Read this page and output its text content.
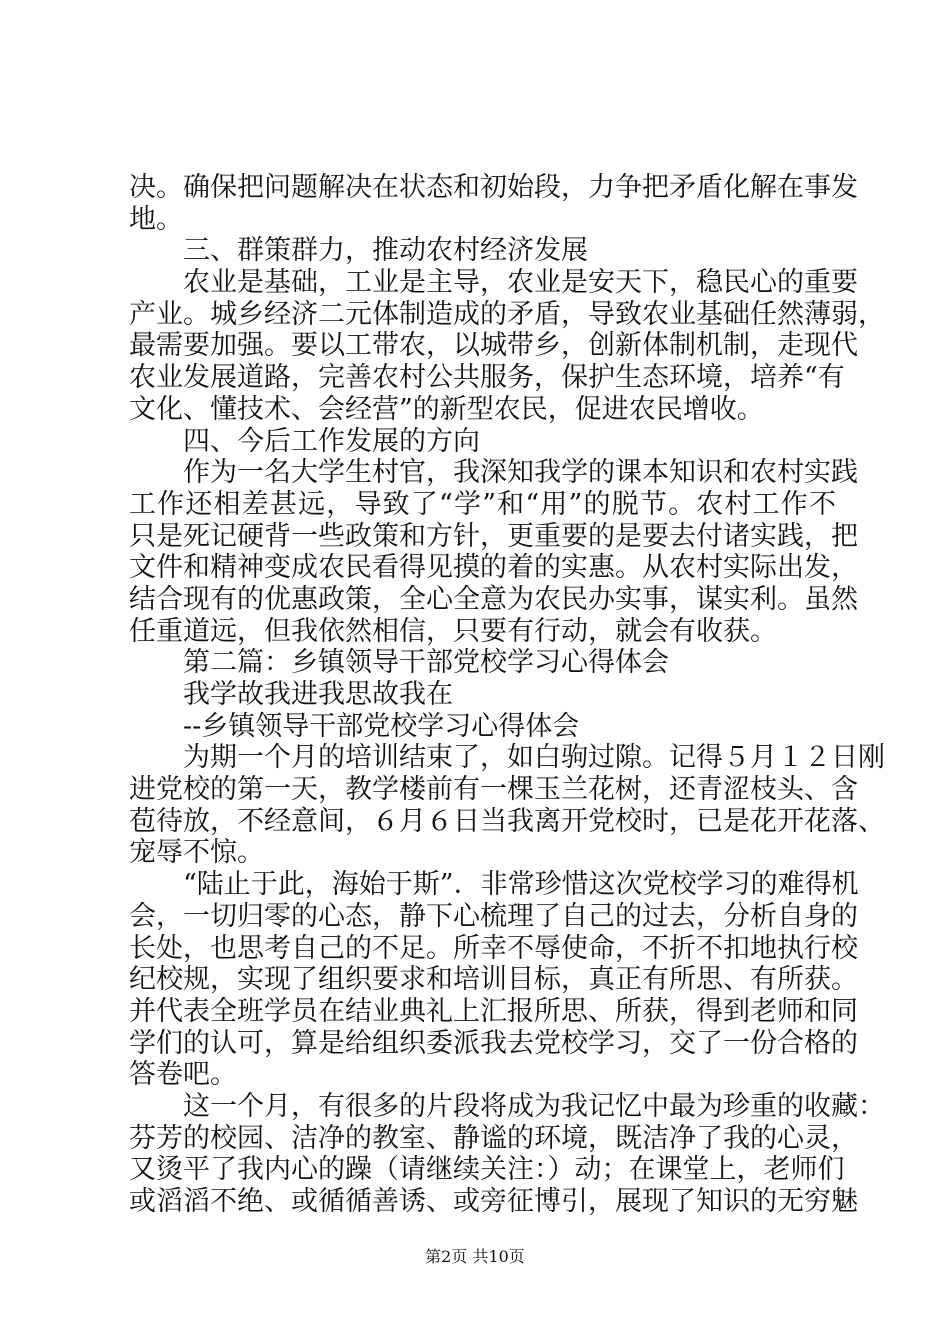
决。确保把问题解决在状态和初始段，力争把矛盾化解在事发
地。
三、群策群力，推动农村经济发展
农业是基础，工业是主导，农业是安天下，稳民心的重要
产业。城乡经济二元体制造成的矛盾，导致农业基础任然薄弱，
最需要加强。要以工带农，以城带乡，创新体制机制，走现代
农业发展道路，完善农村公共服务，保护生态环境，培养“有
文化、懂技术、会经营”的新型农民，促进农民增收。
四、今后工作发展的方向
作为一名大学生村官，我深知我学的课本知识和农村实践
工作还相差甚远，导致了“学”和“用”的脱节。农村工作不
只是死记硬背一些政策和方针，更重要的是要去付诸实践，把
文件和精神变成农民看得见摸的着的实惠。从农村实际出发，
结合现有的优惠政策，全心全意为农民办实事，谋实利。虽然
任重道远，但我依然相信，只要有行动，就会有收获。
第二篇：乡镇领导干部党校学习心得体会
我学故我进我思故我在
--乡镇领导干部党校学习心得体会
为期一个月的培训结束了，如白驹过隙。记得５月１２日刚
进党校的第一天，教学楼前有一棵玉兰花树，还青涩枝头、含
苞待放，不经意间，６月６日当我离开党校时，已是花开花落、
宠辱不惊。
“陆止于此，海始于斯”．非常珍惜这次党校学习的难得机
会，一切归零的心态，静下心梳理了自己的过去，分析自身的
长处，也思考自己的不足。所幸不辱使命，不折不扣地执行校
纪校规，实现了组织要求和培训目标，真正有所思、有所获。
并代表全班学员在结业典礼上汇报所思、所获，得到老师和同
学们的认可，算是给组织委派我去党校学习，交了一份合格的
答卷吧。
这一个月，有很多的片段将成为我记忆中最为珍重的收藏：
芬芳的校园、洁净的教室、静谧的环境，既洁净了我的心灵，
又烫平了我内心的躁（请继续关注：）动；在课堂上，老师们
或滔滔不绝、或循循善诱、或旁征博引，展现了知识的无穷魅
第2页 共10页
